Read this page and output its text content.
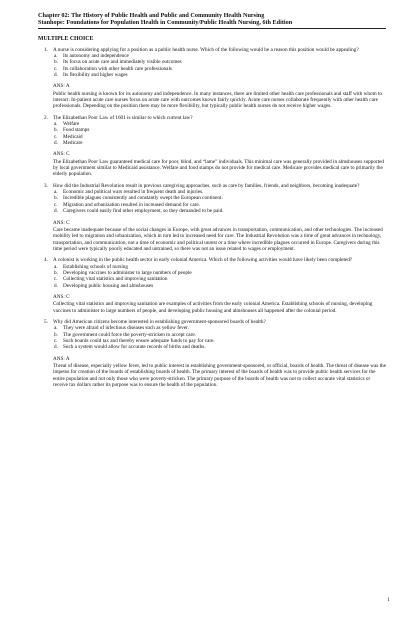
Chapter 02: The History of Public Health and Public and Community Health Nursing
Stanhope: Foundations for Population Health in Community/Public Health Nursing, 6th Edition
MULTIPLE CHOICE
1. A nurse is considering applying for a position as a public health nurse. Which of the following would be a reason this position would be appealing?
a. Its autonomy and independence
b. Its focus on acute care and immediately visible outcomes
c. Its collaboration with other health care professionals
d. Its flexibility and higher wages
ANS: A
Public health nursing is known for its autonomy and independence. In many instances, there are limited other health care professionals and staff with whom to interact. In-patient acute care nurses focus on acute care with outcomes known fairly quickly. Acute care nurses collaborate frequently with other health care professionals. Depending on the position there may be more flexibility, but typically public health nurses do not receive higher wages.
2. The Elizabethan Poor Law of 1601 is similar to which current law?
a. Welfare
b. Food stamps
c. Medicaid
d. Medicare
ANS: C
The Elizabethan Poor Law guaranteed medical care for poor, blind, and “lame” individuals. This minimal care was generally provided in almshouses supported by local government similar to Medicaid assistance. Welfare and food stamps do not provide for medical care. Medicare provides medical care to primarily the elderly population.
3. How did the Industrial Revolution result in previous caregiving approaches, such as care by families, friends, and neighbors, becoming inadequate?
a. Economic and political wars resulted in frequent death and injuries.
b. Incredible plagues consistently and constantly swept the European continent.
c. Migration and urbanization resulted in increased demand for care.
d. Caregivers could easily find other employment, so they demanded to be paid.
ANS: C
Care became inadequate because of the social changes in Europe, with great advances in transportation, communication, and other technologies. The increased mobility led to migration and urbanization, which in turn led to increased need for care. The Industrial Revolution was a time of great advances in technology, transportation, and communication, not a time of economic and political unrest or a time where incredible plagues occurred in Europe. Caregivers during this time period were typically poorly educated and untrained, so there was not an issue related to wages or employment.
4. A colonist is working in the public health sector in early colonial America. Which of the following activities would have likely been completed?
a. Establishing schools of nursing
b. Developing vaccines to administer to large numbers of people
c. Collecting vital statistics and improving sanitation
d. Developing public housing and almshouses
ANS: C
Collecting vital statistics and improving sanitation are examples of activities from the early colonial America. Establishing schools of nursing, developing vaccines to administer to large numbers of people, and developing public housing and almshouses all happened after the colonial period.
5. Why did American citizens become interested in establishing government-sponsored boards of health?
a. They were afraid of infectious diseases such as yellow fever.
b. The government could force the poverty-stricken to accept care.
c. Such boards could tax and thereby ensure adequate funds to pay for care.
d. Such a system would allow for accurate records of births and deaths.
ANS: A
Threat of disease, especially yellow fever, led to public interest in establishing government-sponsored, or official, boards of health. The threat of disease was the impetus for creation of the boards of establishing boards of health. The primary interest of the boards of health was to provide public health services for the entire population and not only those who were poverty-stricken. The primary purpose of the boards of health was not to collect accurate vital statistics or receive tax dollars rather its purpose was to ensure the health of the population.
1
